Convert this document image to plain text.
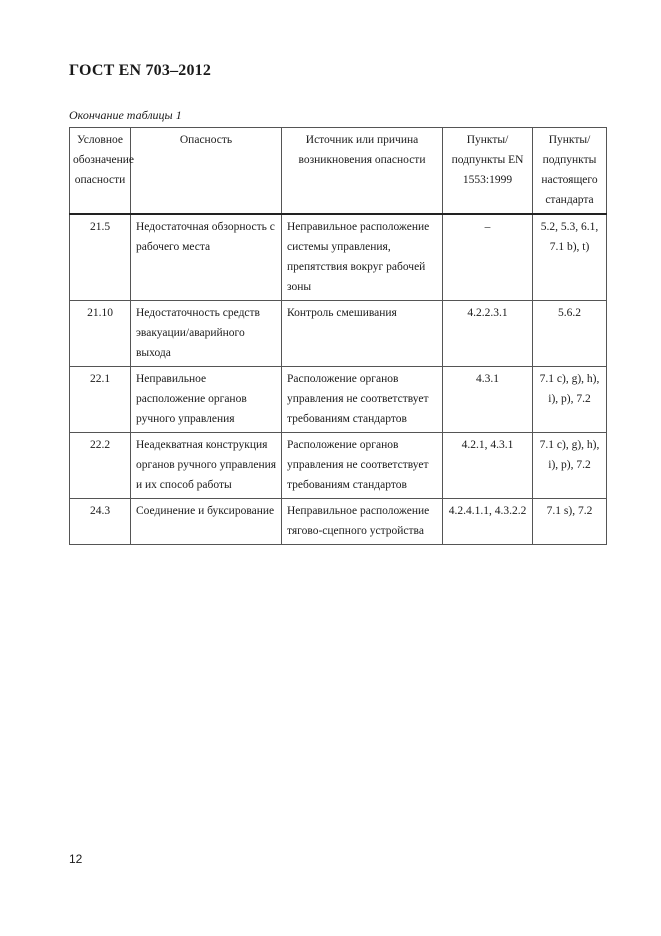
ГОСТ EN 703–2012
Окончание таблицы 1
Условное обозначение опасности	Опасность	Источник или причина возникновения опасности	Пункты/ подпункты EN 1553:1999	Пункты/ подпункты настоящего стандарта
21.5	Недостаточная обзорность с рабочего места	Неправильное расположение системы управления, препятствия вокруг рабочей зоны	–	5.2, 5.3, 6.1, 7.1 b), t)
21.10	Недостаточность средств эвакуации/аварийного выхода	Контроль смешивания	4.2.2.3.1	5.6.2
22.1	Неправильное расположение органов ручного управления	Расположение органов управления не соответствует требованиям стандартов	4.3.1	7.1 c), g), h), i), p), 7.2
22.2	Неадекватная конструкция органов ручного управления и их способ работы	Расположение органов управления не соответствует требованиям стандартов	4.2.1, 4.3.1	7.1 c), g), h), i), p), 7.2
24.3	Соединение и буксирование	Неправильное расположение тягово-сцепного устройства	4.2.4.1.1, 4.3.2.2	7.1 s), 7.2
12
